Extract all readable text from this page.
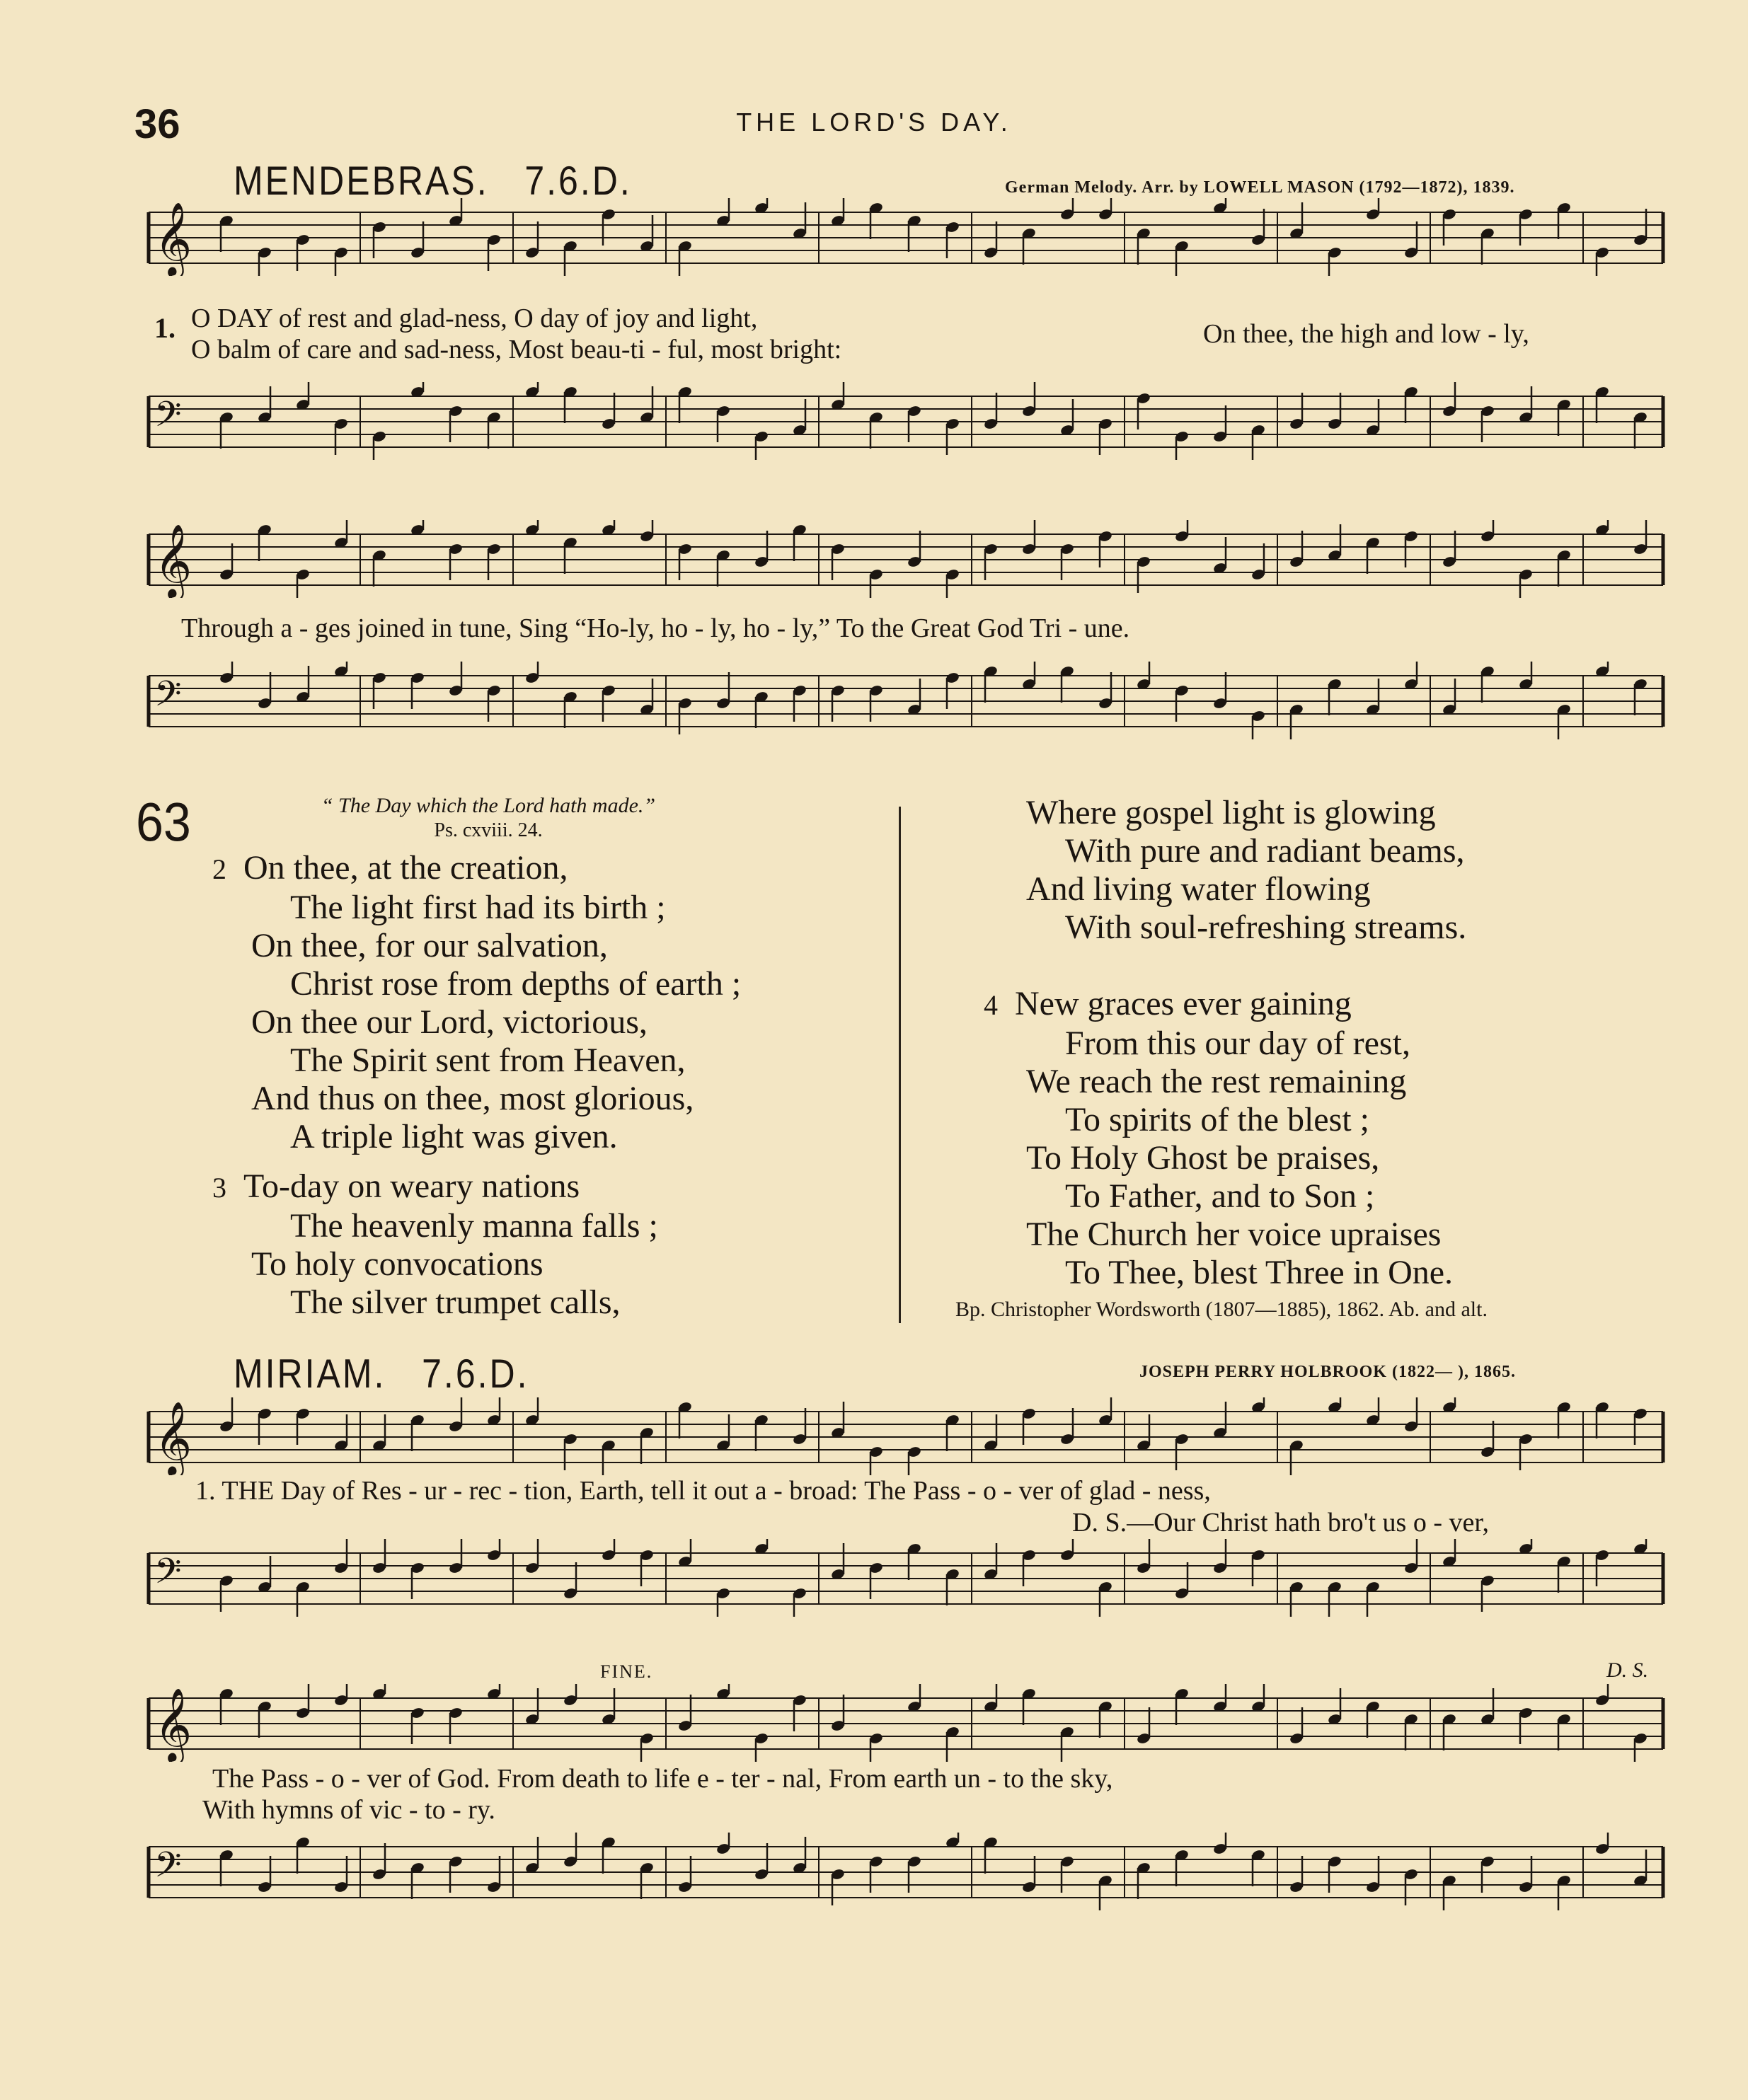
36	THE LORD'S DAY.
MENDEBRAS. 7.6.D.	German Melody. Arr. by LOWELL MASON (1792—1872), 1839.
𝄞
O DAY of rest and glad-ness, O day of joy and light,
O balm of care and sad-ness, Most beau-ti - ful, most bright:
On thee, the high and low - ly,
1.
𝄢
𝄞
Through a - ges joined in tune, Sing “Ho-ly, ho - ly, ho - ly,” To the Great God Tri - une.
𝄢
63	“ The Day which the Lord hath made.”
Ps. cxviii. 24.
2 On thee, at the creation,
The light first had its birth ;
On thee, for our salvation,
Christ rose from depths of earth ;
On thee our Lord, victorious,
The Spirit sent from Heaven,
And thus on thee, most glorious,
A triple light was given.
3 To-day on weary nations
The heavenly manna falls ;
To holy convocations
The silver trumpet calls,
Where gospel light is glowing
With pure and radiant beams,
And living water flowing
With soul-refreshing streams.
4 New graces ever gaining
From this our day of rest,
We reach the rest remaining
To spirits of the blest ;
To Holy Ghost be praises,
To Father, and to Son ;
The Church her voice upraises
To Thee, blest Three in One.
Bp. Christopher Wordsworth (1807—1885), 1862. Ab. and alt.
MIRIAM. 7.6.D.	JOSEPH PERRY HOLBROOK (1822— ), 1865.
𝄞
1. THE Day of Res - ur - rec - tion, Earth, tell it out a - broad: The Pass - o - ver of glad - ness,
D. S.—Our Christ hath bro't us o - ver,
𝄢
FINE.	D. S.
𝄞
The Pass - o - ver of God. From death to life e - ter - nal, From earth un - to the sky,
With hymns of vic - to - ry.
𝄢
